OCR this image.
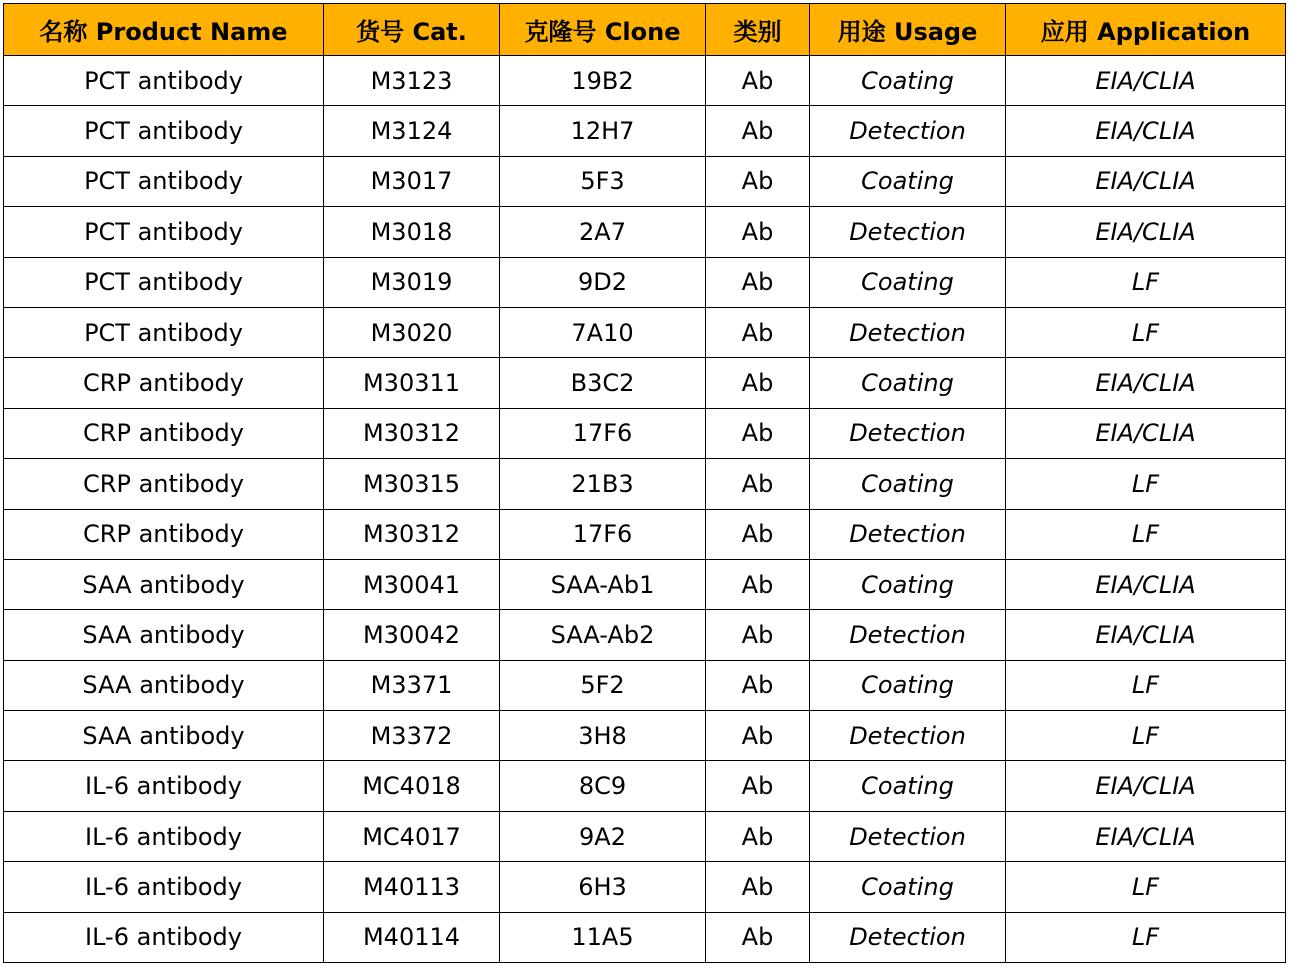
名称 Product Name	货号 Cat.	克隆号 Clone	类别	用途 Usage	应用 Application
PCT antibody	M3123	19B2	Ab	Coating	EIA/CLIA
PCT antibody	M3124	12H7	Ab	Detection	EIA/CLIA
PCT antibody	M3017	5F3	Ab	Coating	EIA/CLIA
PCT antibody	M3018	2A7	Ab	Detection	EIA/CLIA
PCT antibody	M3019	9D2	Ab	Coating	LF
PCT antibody	M3020	7A10	Ab	Detection	LF
CRP antibody	M30311	B3C2	Ab	Coating	EIA/CLIA
CRP antibody	M30312	17F6	Ab	Detection	EIA/CLIA
CRP antibody	M30315	21B3	Ab	Coating	LF
CRP antibody	M30312	17F6	Ab	Detection	LF
SAA antibody	M30041	SAA-Ab1	Ab	Coating	EIA/CLIA
SAA antibody	M30042	SAA-Ab2	Ab	Detection	EIA/CLIA
SAA antibody	M3371	5F2	Ab	Coating	LF
SAA antibody	M3372	3H8	Ab	Detection	LF
IL-6 antibody	MC4018	8C9	Ab	Coating	EIA/CLIA
IL-6 antibody	MC4017	9A2	Ab	Detection	EIA/CLIA
IL-6 antibody	M40113	6H3	Ab	Coating	LF
IL-6 antibody	M40114	11A5	Ab	Detection	LF
